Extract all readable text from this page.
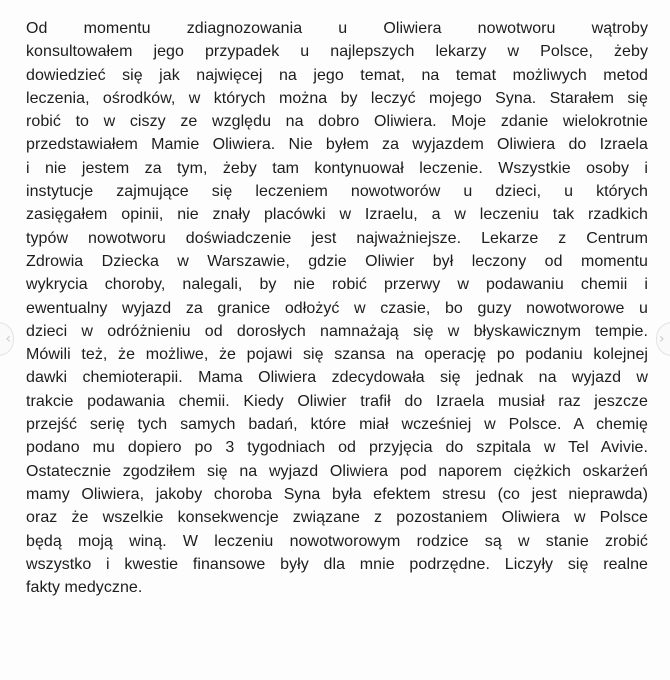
Od momentu zdiagnozowania u Oliwiera nowotworu wątroby
konsultowałem jego przypadek u najlepszych lekarzy w Polsce, żeby
dowiedzieć się jak najwięcej na jego temat, na temat możliwych metod
leczenia, ośrodków, w których można by leczyć mojego Syna. Starałem się
robić to w ciszy ze względu na dobro Oliwiera. Moje zdanie wielokrotnie
przedstawiałem Mamie Oliwiera. Nie byłem za wyjazdem Oliwiera do Izraela
i nie jestem za tym, żeby tam kontynuował leczenie. Wszystkie osoby i
instytucje zajmujące się leczeniem nowotworów u dzieci, u których
zasięgałem opinii, nie znały placówki w Izraelu, a w leczeniu tak rzadkich
typów nowotworu doświadczenie jest najważniejsze. Lekarze z Centrum
Zdrowia Dziecka w Warszawie, gdzie Oliwier był leczony od momentu
wykrycia choroby, nalegali, by nie robić przerwy w podawaniu chemii i
ewentualny wyjazd za granice odłożyć w czasie, bo guzy nowotworowe u
dzieci w odróżnieniu od dorosłych namnażają się w błyskawicznym tempie.
Mówili też, że możliwe, że pojawi się szansa na operację po podaniu kolejnej
dawki chemioterapii. Mama Oliwiera zdecydowała się jednak na wyjazd w
trakcie podawania chemii. Kiedy Oliwier trafił do Izraela musiał raz jeszcze
przejść serię tych samych badań, które miał wcześniej w Polsce. A chemię
podano mu dopiero po 3 tygodniach od przyjęcia do szpitala w Tel Avivie.
Ostatecznie zgodziłem się na wyjazd Oliwiera pod naporem ciężkich oskarżeń
mamy Oliwiera, jakoby choroba Syna była efektem stresu (co jest nieprawda)
oraz że wszelkie konsekwencje związane z pozostaniem Oliwiera w Polsce
będą moją winą. W leczeniu nowotworowym rodzice są w stanie zrobić
wszystko i kwestie finansowe były dla mnie podrzędne. Liczyły się realne
fakty medyczne.
‹	›
